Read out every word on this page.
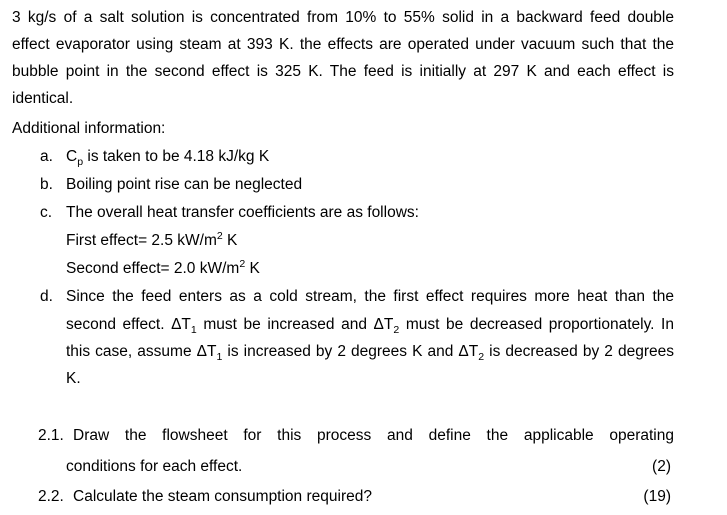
3 kg/s of a salt solution is concentrated from 10% to 55% solid in a backward feed double
effect evaporator using steam at 393 K. the effects are operated under vacuum such that the
bubble point in the second effect is 325 K. The feed is initially at 297 K and each effect is
identical.
Additional information:
a. $C_p$ is taken to be 4.18 kJ/kg K
b. Boiling point rise can be neglected
c. The overall heat transfer coefficients are as follows:
First effect= 2.5 $kW/m^2$ K
Second effect= 2.0 $kW/m^2$ K
d. Since the feed enters as a cold stream, the first effect requires more heat than the
second effect. $\Delta T_1$ must be increased and $\Delta T_2$ must be decreased proportionately. In
this case, assume $\Delta T_1$ is increased by 2 degrees K and $\Delta T_2$ is decreased by 2 degrees
K.
2.1. Draw the flowsheet for this process and define the applicable operating
conditions for each effect.	(2)
2.2. Calculate the steam consumption required?	(19)
